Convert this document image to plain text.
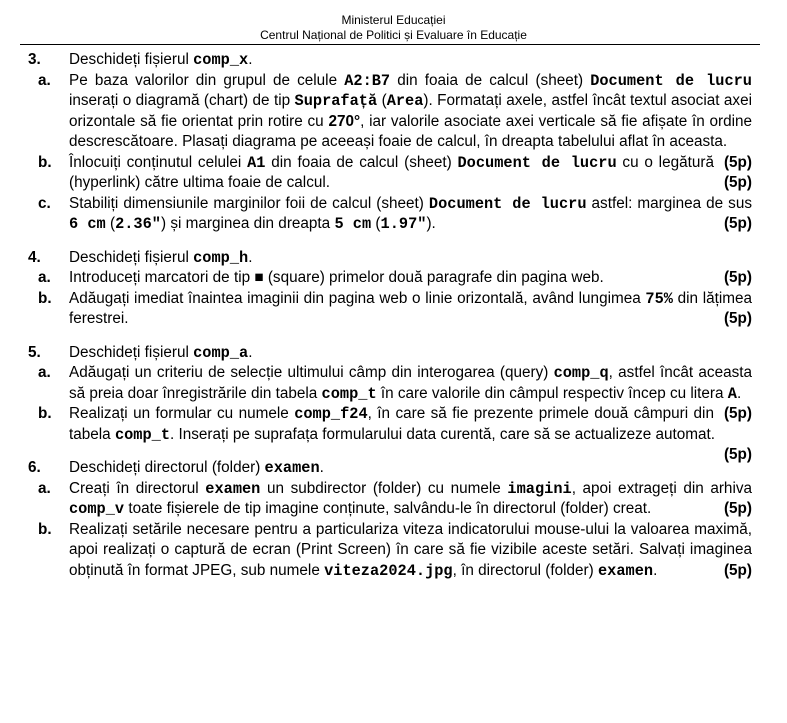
Ministerul Educației
Centrul Național de Politici și Evaluare în Educație
3. Deschideți fișierul comp_x.
a. Pe baza valorilor din grupul de celule A2:B7 din foaia de calcul (sheet) Document de lucru inserați o diagramă (chart) de tip Suprafață (Area). Formatați axele, astfel încât textul asociat axei orizontale să fie orientat prin rotire cu 270°, iar valorile asociate axei verticale să fie afișate în ordine descrescătoare. Plasați diagrama pe aceeași foaie de calcul, în dreapta tabelului aflat în aceasta.
(5p)
b. Înlocuiți conținutul celulei A1 din foaia de calcul (sheet) Document de lucru cu o legătură (hyperlink) către ultima foaie de calcul.	(5p)
c. Stabiliți dimensiunile marginilor foii de calcul (sheet) Document de lucru astfel: marginea de sus 6 cm (2.36″) și marginea din dreapta 5 cm (1.97″).	(5p)
4. Deschideți fișierul comp_h.
a. Introduceți marcatori de tip ■ (square) primelor două paragrafe din pagina web.	(5p)
b. Adăugați imediat înaintea imaginii din pagina web o linie orizontală, având lungimea 75% din lățimea ferestrei.	(5p)
5. Deschideți fișierul comp_a.
a. Adăugați un criteriu de selecție ultimului câmp din interogarea (query) comp_q, astfel încât aceasta să preia doar înregistrările din tabela comp_t în care valorile din câmpul respectiv încep cu litera A.
(5p)
b. Realizați un formular cu numele comp_f24, în care să fie prezente primele două câmpuri din tabela comp_t. Inserați pe suprafața formularului data curentă, care să se actualizeze automat.
(5p)
6. Deschideți directorul (folder) examen.
a. Creați în directorul examen un subdirector (folder) cu numele imagini, apoi extrageți din arhiva comp_v toate fișierele de tip imagine conținute, salvându-le în directorul (folder) creat.	(5p)
b. Realizați setările necesare pentru a particulariza viteza indicatorului mouse-ului la valoarea maximă, apoi realizați o captură de ecran (Print Screen) în care să fie vizibile aceste setări. Salvați imaginea obținută în format JPEG, sub numele viteza2024.jpg, în directorul (folder) examen.	(5p)
